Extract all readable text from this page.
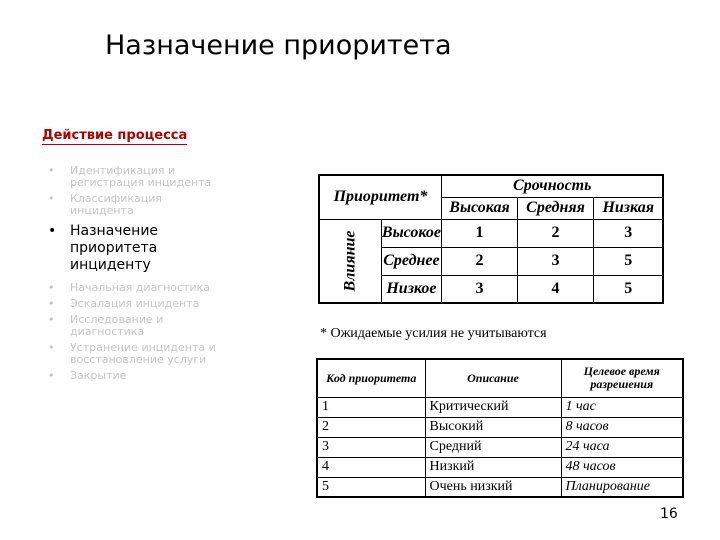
Назначение приоритета
Действие процесса
• Идентификация и регистрация инцидента
• Классификация инцидента
• Назначение приоритета инциденту
• Начальная диагностика
• Эскалация инцидента
• Исследование и диагностика
• Устранение инцидента и восстановление услуги
• Закрытие
Приоритет*		Срочность		
		Высокая	Средняя	Низкая
Влияние	Высокое	1	2	3
	Среднее	2	3	5
	Низкое	3	4	5
* Ожидаемые усилия не учитываются
Код приоритета	Описание	Целевое время разрешения
1	Критический	1 час
2	Высокий	8 часов
3	Средний	24 часа
4	Низкий	48 часов
5	Очень низкий	Планирование
16
